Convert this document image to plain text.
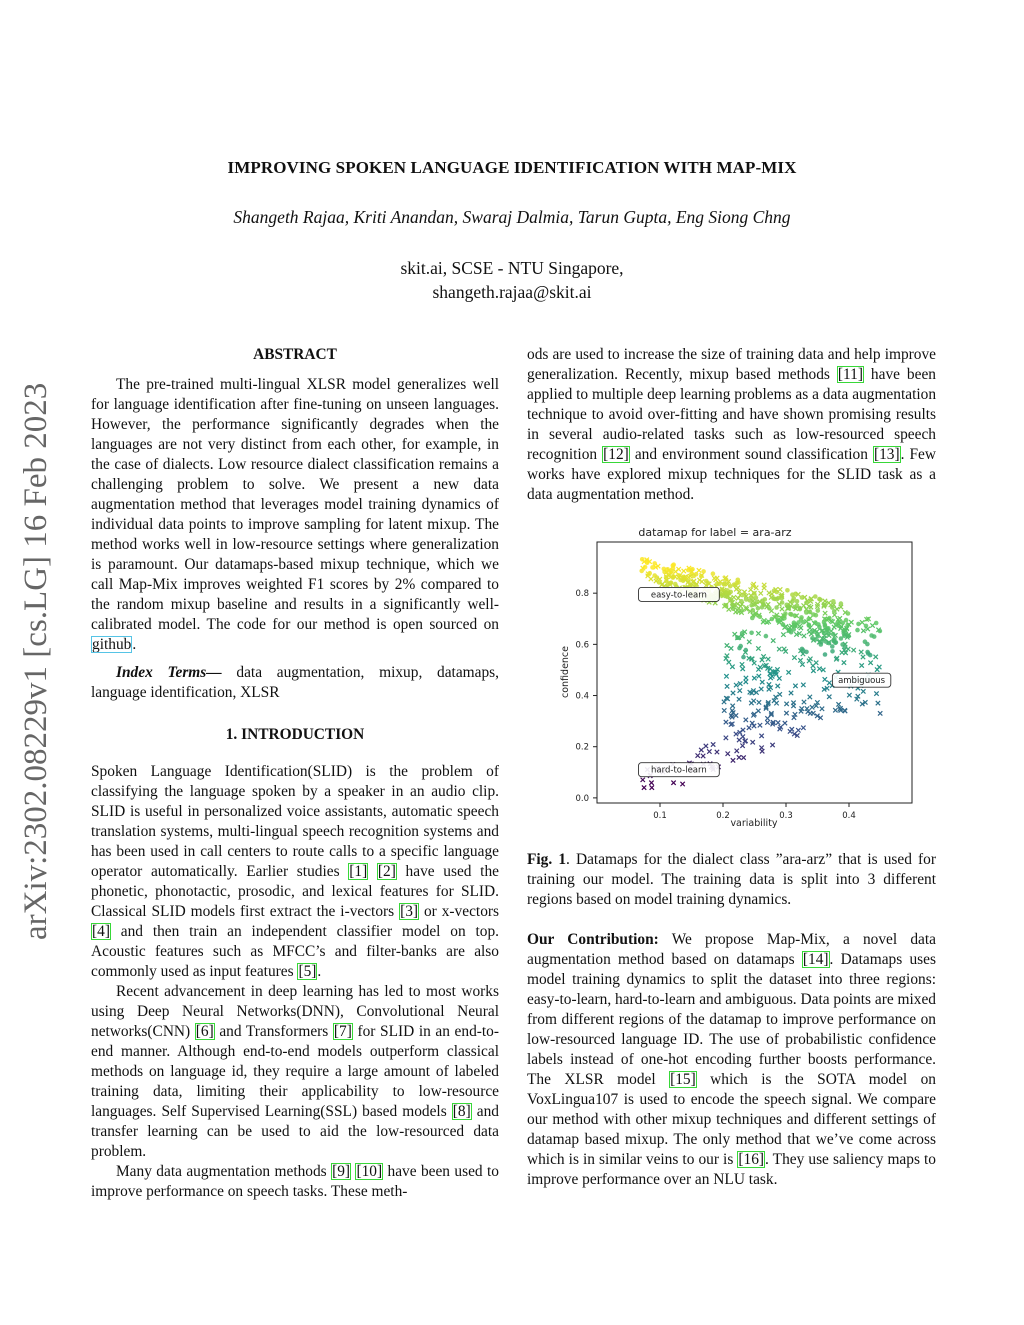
IMPROVING SPOKEN LANGUAGE IDENTIFICATION WITH MAP-MIX
Shangeth Rajaa, Kriti Anandan, Swaraj Dalmia, Tarun Gupta, Eng Siong Chng
skit.ai, SCSE - NTU Singapore,
shangeth.rajaa@skit.ai
arXiv:2302.08229v1 [cs.LG] 16 Feb 2023
ABSTRACT

The pre-trained multi-lingual XLSR model generalizes well for language identification after fine-tuning on unseen languages. However, the performance significantly degrades when the languages are not very distinct from each other, for example, in the case of dialects. Low resource dialect classification remains a challenging problem to solve. We present a new data augmentation method that leverages model training dynamics of individual data points to improve sampling for latent mixup. The method works well in low-resource settings where generalization is paramount. Our datamaps-based mixup technique, which we call Map-Mix improves weighted F1 scores by 2% compared to the random mixup baseline and results in a significantly well-calibrated model. The code for our method is open sourced on github.

Index Terms— data augmentation, mixup, datamaps, language identification, XLSR

1. INTRODUCTION

Spoken Language Identification(SLID) is the problem of classifying the language spoken by a speaker in an audio clip. SLID is useful in personalized voice assistants, automatic speech translation systems, multi-lingual speech recognition systems and has been used in call centers to route calls to a specific language operator automatically. Earlier studies [1] [2] have used the phonetic, phonotactic, prosodic, and lexical features for SLID. Classical SLID models first extract the i-vectors [3] or x-vectors [4] and then train an independent classifier model on top. Acoustic features such as MFCC’s and filter-banks are also commonly used as input features [5].

Recent advancement in deep learning has led to most works using Deep Neural Networks(DNN), Convolutional Neural networks(CNN) [6] and Transformers [7] for SLID in an end-to-end manner. Although end-to-end models outperform classical methods on language id, they require a large amount of labeled training data, limiting their applicability to low-resource languages. Self Supervised Learning(SSL) based models [8] and transfer learning can be used to aid the low-resourced data problem.

Many data augmentation methods [9] [10] have been used to improve performance on speech tasks. These meth-

ods are used to increase the size of training data and help improve generalization. Recently, mixup based methods [11] have been applied to multiple deep learning problems as a data augmentation technique to avoid over-fitting and have shown promising results in several audio-related tasks such as low-resourced speech recognition [12] and environment sound classification [13]. Few works have explored mixup techniques for the SLID task as a data augmentation method.

datamap for label = ara-arz
0.1	0.2	0.3	0.4
0.0
0.2
0.4
0.6
0.8	easy-to-learn
ambiguous
hard-to-learn
variability
confidence

Fig. 1. Datamaps for the dialect class ”ara-arz” that is used for training our model. The training data is split into 3 different regions based on model training dynamics.

Our Contribution: We propose Map-Mix, a novel data augmentation method based on datamaps [14]. Datamaps uses model training dynamics to split the dataset into three regions: easy-to-learn, hard-to-learn and ambiguous. Data points are mixed from different regions of the datamap to improve performance on low-resourced language ID. The use of probabilistic confidence labels instead of one-hot encoding further boosts performance. The XLSR model [15] which is the SOTA model on VoxLingua107 is used to encode the speech signal. We compare our method with other mixup techniques and different settings of datamap based mixup. The only method that we’ve come across which is in similar veins to our is [16]. They use saliency maps to improve performance over an NLU task.
